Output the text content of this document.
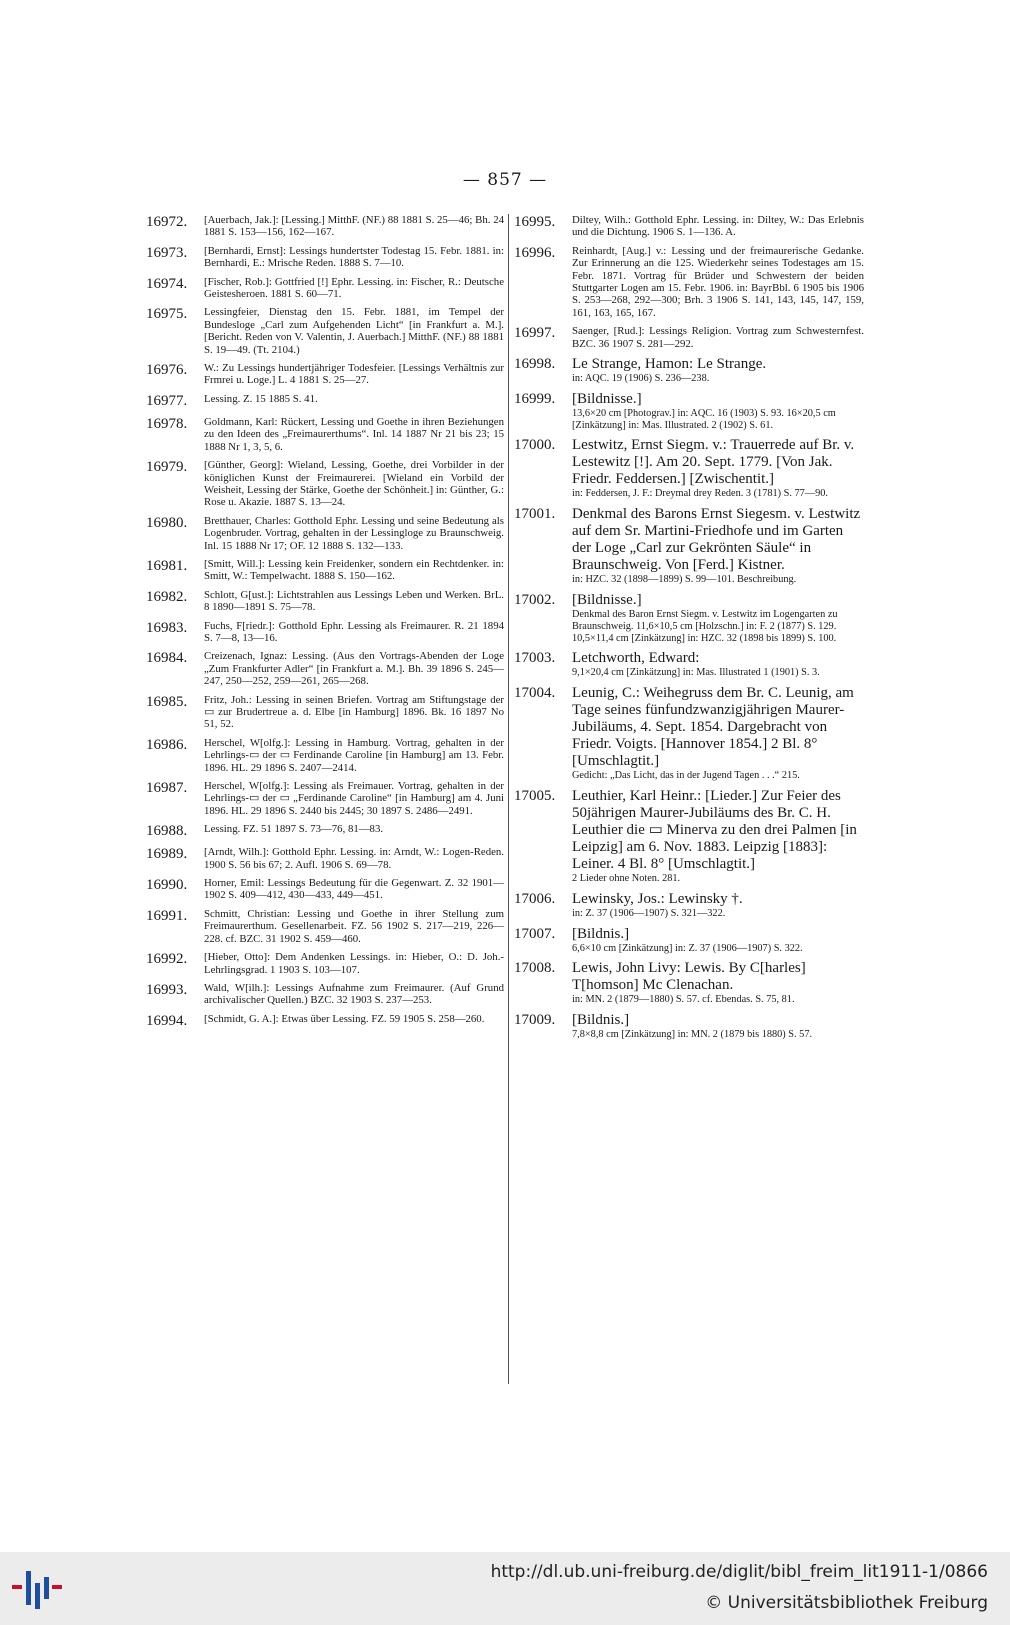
— 857 —
16972.	[Auerbach, Jak.]: [Lessing.] MitthF. (NF.) 88 1881 S. 25—46; Bh. 24 1881 S. 153—156, 162—167.
16973.	[Bernhardi, Ernst]: Lessings hundertster Todestag 15. Febr. 1881. in: Bernhardi, E.: Mrische Reden. 1888 S. 7—10.
16974.	[Fischer, Rob.]: Gottfried [!] Ephr. Lessing. in: Fischer, R.: Deutsche Geistesheroen. 1881 S. 60—71.
16975.	Lessingfeier, Dienstag den 15. Febr. 1881, im Tempel der Bundesloge „Carl zum Aufgehenden Licht“ [in Frankfurt a. M.]. [Bericht. Reden von V. Valentin, J. Auerbach.] MitthF. (NF.) 88 1881 S. 19—49. (Tt. 2104.)
16976.	W.: Zu Lessings hundertjähriger Todesfeier. [Lessings Verhältnis zur Frmrei u. Loge.] L. 4 1881 S. 25—27.
16977.	Lessing. Z. 15 1885 S. 41.
16978.	Goldmann, Karl: Rückert, Lessing und Goethe in ihren Beziehungen zu den Ideen des „Freimaurerthums“. Inl. 14 1887 Nr 21 bis 23; 15 1888 Nr 1, 3, 5, 6.
16979.	[Günther, Georg]: Wieland, Lessing, Goethe, drei Vorbilder in der königlichen Kunst der Freimaurerei. [Wieland ein Vorbild der Weisheit, Lessing der Stärke, Goethe der Schönheit.] in: Günther, G.: Rose u. Akazie. 1887 S. 13—24.
16980.	Bretthauer, Charles: Gotthold Ephr. Lessing und seine Bedeutung als Logenbruder. Vortrag, gehalten in der Lessingloge zu Braunschweig. Inl. 15 1888 Nr 17; OF. 12 1888 S. 132—133.
16981.	[Smitt, Will.]: Lessing kein Freidenker, sondern ein Rechtdenker. in: Smitt, W.: Tempelwacht. 1888 S. 150—162.
16982.	Schlott, G[ust.]: Lichtstrahlen aus Lessings Leben und Werken. BrL. 8 1890—1891 S. 75—78.
16983.	Fuchs, F[riedr.]: Gotthold Ephr. Lessing als Freimaurer. R. 21 1894 S. 7—8, 13—16.
16984.	Creizenach, Ignaz: Lessing. (Aus den Vortrags-Abenden der Loge „Zum Frankfurter Adler“ [in Frankfurt a. M.]. Bh. 39 1896 S. 245—247, 250—252, 259—261, 265—268.
16985.	Fritz, Joh.: Lessing in seinen Briefen. Vortrag am Stiftungstage der ▭ zur Brudertreue a. d. Elbe [in Hamburg] 1896. Bk. 16 1897 No 51, 52.
16986.	Herschel, W[olfg.]: Lessing in Hamburg. Vortrag, gehalten in der Lehrlings-▭ der ▭ Ferdinande Caroline [in Hamburg] am 13. Febr. 1896. HL. 29 1896 S. 2407—2414.
16987.	Herschel, W[olfg.]: Lessing als Freimauer. Vortrag, gehalten in der Lehrlings-▭ der ▭ „Ferdinande Caroline“ [in Hamburg] am 4. Juni 1896. HL. 29 1896 S. 2440 bis 2445; 30 1897 S. 2486—2491.
16988.	Lessing. FZ. 51 1897 S. 73—76, 81—83.
16989.	[Arndt, Wilh.]: Gotthold Ephr. Lessing. in: Arndt, W.: Logen-Reden. 1900 S. 56 bis 67; 2. Aufl. 1906 S. 69—78.
16990.	Horner, Emil: Lessings Bedeutung für die Gegenwart. Z. 32 1901—1902 S. 409—412, 430—433, 449—451.
16991.	Schmitt, Christian: Lessing und Goethe in ihrer Stellung zum Freimaurerthum. Gesellenarbeit. FZ. 56 1902 S. 217—219, 226—228. cf. BZC. 31 1902 S. 459—460.
16992.	[Hieber, Otto]: Dem Andenken Lessings. in: Hieber, O.: D. Joh.-Lehrlingsgrad. 1 1903 S. 103—107.
16993.	Wald, W[ilh.]: Lessings Aufnahme zum Freimaurer. (Auf Grund archivalischer Quellen.) BZC. 32 1903 S. 237—253.
16994.	[Schmidt, G. A.]: Etwas über Lessing. FZ. 59 1905 S. 258—260.
16995.	Diltey, Wilh.: Gotthold Ephr. Lessing. in: Diltey, W.: Das Erlebnis und die Dichtung. 1906 S. 1—136. A.
16996.	Reinhardt, [Aug.] v.: Lessing und der freimaurerische Gedanke. Zur Erinnerung an die 125. Wiederkehr seines Todestages am 15. Febr. 1871. Vortrag für Brüder und Schwestern der beiden Stuttgarter Logen am 15. Febr. 1906. in: BayrBbl. 6 1905 bis 1906 S. 253—268, 292—300; Brh. 3 1906 S. 141, 143, 145, 147, 159, 161, 163, 165, 167.
16997.	Saenger, [Rud.]: Lessings Religion. Vortrag zum Schwesternfest. BZC. 36 1907 S. 281—292.
16998.	Le Strange, Hamon: Le Strange.
in: AQC. 19 (1906) S. 236—238.
16999.	[Bildnisse.]
13,6×20 cm [Photograv.] in: AQC. 16 (1903) S. 93. 16×20,5 cm [Zinkätzung] in: Mas. Illustrated. 2 (1902) S. 61.
17000.	Lestwitz, Ernst Siegm. v.: Trauerrede auf Br. v. Lestewitz [!]. Am 20. Sept. 1779. [Von Jak. Friedr. Feddersen.] [Zwischentit.]
in: Feddersen, J. F.: Dreymal drey Reden. 3 (1781) S. 77—90.
17001.	Denkmal des Barons Ernst Siegesm. v. Lestwitz auf dem Sr. Martini-Friedhofe und im Garten der Loge „Carl zur Gekrönten Säule“ in Braunschweig. Von [Ferd.] Kistner.
in: HZC. 32 (1898—1899) S. 99—101. Beschreibung.
17002.	[Bildnisse.]
Denkmal des Baron Ernst Siegm. v. Lestwitz im Logengarten zu Braunschweig. 11,6×10,5 cm [Holzschn.] in: F. 2 (1877) S. 129. 10,5×11,4 cm [Zinkätzung] in: HZC. 32 (1898 bis 1899) S. 100.
17003.	Letchworth, Edward:
9,1×20,4 cm [Zinkätzung] in: Mas. Illustrated 1 (1901) S. 3.
17004.	Leunig, C.: Weihegruss dem Br. C. Leunig, am Tage seines fünfundzwanzigjährigen Maurer-Jubiläums, 4. Sept. 1854. Dargebracht von Friedr. Voigts. [Hannover 1854.] 2 Bl. 8° [Umschlagtit.]
Gedicht: „Das Licht, das in der Jugend Tagen . . .“ 215.
17005.	Leuthier, Karl Heinr.: [Lieder.] Zur Feier des 50jährigen Maurer-Jubiläums des Br. C. H. Leuthier die ▭ Minerva zu den drei Palmen [in Leipzig] am 6. Nov. 1883. Leipzig [1883]: Leiner. 4 Bl. 8° [Umschlagtit.]
2 Lieder ohne Noten. 281.
17006.	Lewinsky, Jos.: Lewinsky †.
in: Z. 37 (1906—1907) S. 321—322.
17007.	[Bildnis.]
6,6×10 cm [Zinkätzung] in: Z. 37 (1906—1907) S. 322.
17008.	Lewis, John Livy: Lewis. By C[harles] T[homson] Mc Clenachan.
in: MN. 2 (1879—1880) S. 57. cf. Ebendas. S. 75, 81.
17009.	[Bildnis.]
7,8×8,8 cm [Zinkätzung] in: MN. 2 (1879 bis 1880) S. 57.
http://dl.ub.uni-freiburg.de/diglit/bibl_freim_lit1911-1/0866
© Universitätsbibliothek Freiburg
